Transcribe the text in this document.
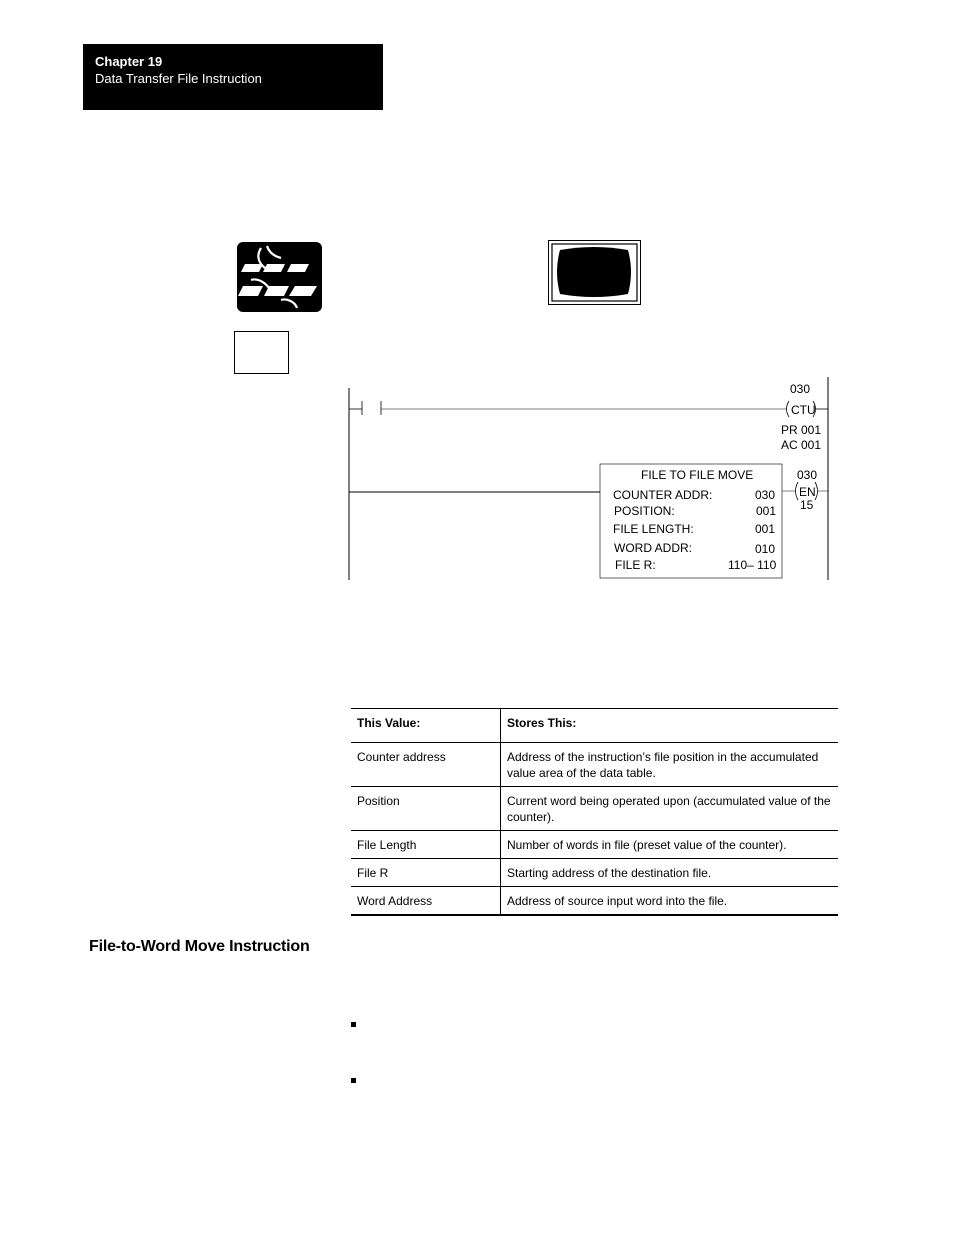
Chapter 19
Data Transfer File Instruction
030
CTU
PR 001
AC 001
FILE TO FILE MOVE
COUNTER ADDR:	030
POSITION:	001
FILE LENGTH:	001
WORD ADDR:	010
FILE R:	110– 110
030
EN
15
This Value:	Stores This:
Counter address	Address of the instruction’s file position in the accumulated value area of the data table.
Position	Current word being operated upon (accumulated value of the counter).
File Length	Number of words in file (preset value of the counter).
File R	Starting address of the destination file.
Word Address	Address of source input word into the file.
File-to-Word Move Instruction
